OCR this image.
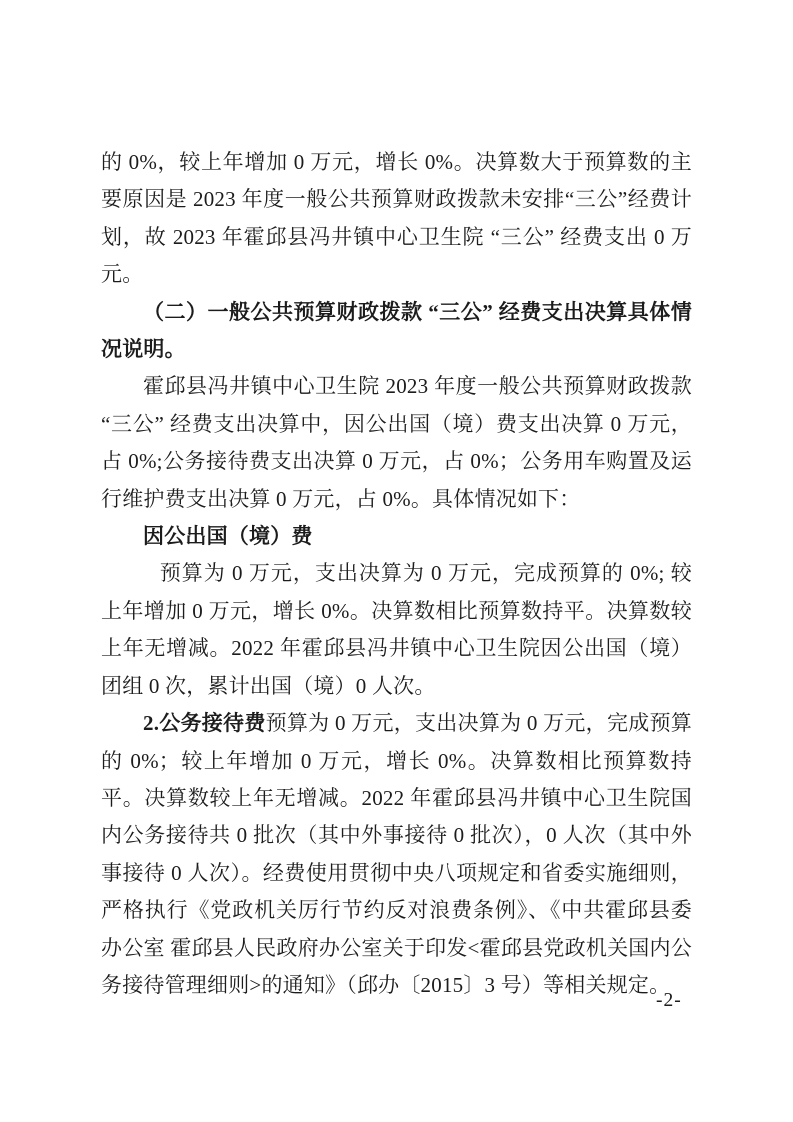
的 0%，较上年增加 0 万元，增长 0%。决算数大于预算数的主要原因是 2023 年度一般公共预算财政拨款未安排“三公”经费计划，故 2023 年霍邱县冯井镇中心卫生院 “三公” 经费支出 0 万元。

（二）一般公共预算财政拨款 “三公” 经费支出决算具体情况说明。

霍邱县冯井镇中心卫生院 2023 年度一般公共预算财政拨款 “三公” 经费支出决算中，因公出国（境）费支出决算 0 万元，占 0%;公务接待费支出决算 0 万元，占 0%；公务用车购置及运行维护费支出决算 0 万元，占 0%。具体情况如下：

因公出国（境）费

预算为 0 万元，支出决算为 0 万元，完成预算的 0%; 较上年增加 0 万元，增长 0%。决算数相比预算数持平。决算数较上年无增减。2022 年霍邱县冯井镇中心卫生院因公出国（境）团组 0 次，累计出国（境）0 人次。

2.公务接待费预算为 0 万元，支出决算为 0 万元，完成预算的 0%；较上年增加 0 万元，增长 0%。决算数相比预算数持平。决算数较上年无增减。2022 年霍邱县冯井镇中心卫生院国内公务接待共 0 批次（其中外事接待 0 批次），0 人次（其中外事接待 0 人次）。经费使用贯彻中央八项规定和省委实施细则，严格执行《党政机关厉行节约反对浪费条例》、《中共霍邱县委办公室 霍邱县人民政府办公室关于印发<霍邱县党政机关国内公务接待管理细则>的通知》（邱办〔2015〕3 号）等相关规定。

-2-
